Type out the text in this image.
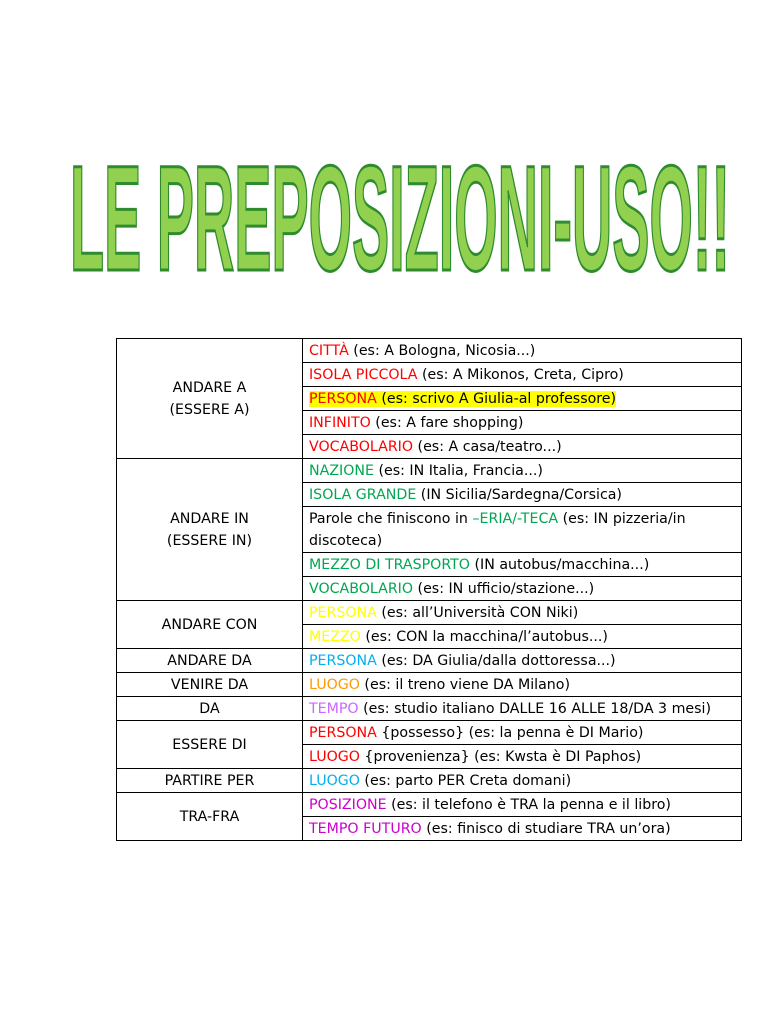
LE PREPOSIZIONI-USO!!
ANDARE A
(ESSERE A)	CITTÀ (es: A Bologna, Nicosia...)
	ISOLA PICCOLA (es: A Mikonos, Creta, Cipro)
	PERSONA (es: scrivo A Giulia-al professore)
	INFINITO (es: A fare shopping)
	VOCABOLARIO (es: A casa/teatro...)

ANDARE IN
(ESSERE IN)	NAZIONE (es: IN Italia, Francia...)
	ISOLA GRANDE (IN Sicilia/Sardegna/Corsica)
	Parole che finiscono in –ERIA/-TECA (es: IN pizzeria/in discoteca)
	MEZZO DI TRASPORTO (IN autobus/macchina...)
	VOCABOLARIO (es: IN ufficio/stazione...)

ANDARE CON	PERSONA (es: all’Università CON Niki)
	MEZZO (es: CON la macchina/l’autobus...)

ANDARE DA	PERSONA (es: DA Giulia/dalla dottoressa...)

VENIRE DA	LUOGO (es: il treno viene DA Milano)

DA	TEMPO (es: studio italiano DALLE 16 ALLE 18/DA 3 mesi)

ESSERE DI	PERSONA {possesso} (es: la penna è DI Mario)
	LUOGO {provenienza} (es: Kwsta è DI Paphos)

PARTIRE PER	LUOGO (es: parto PER Creta domani)

TRA-FRA	POSIZIONE (es: il telefono è TRA la penna e il libro)
	TEMPO FUTURO (es: finisco di studiare TRA un’ora)
